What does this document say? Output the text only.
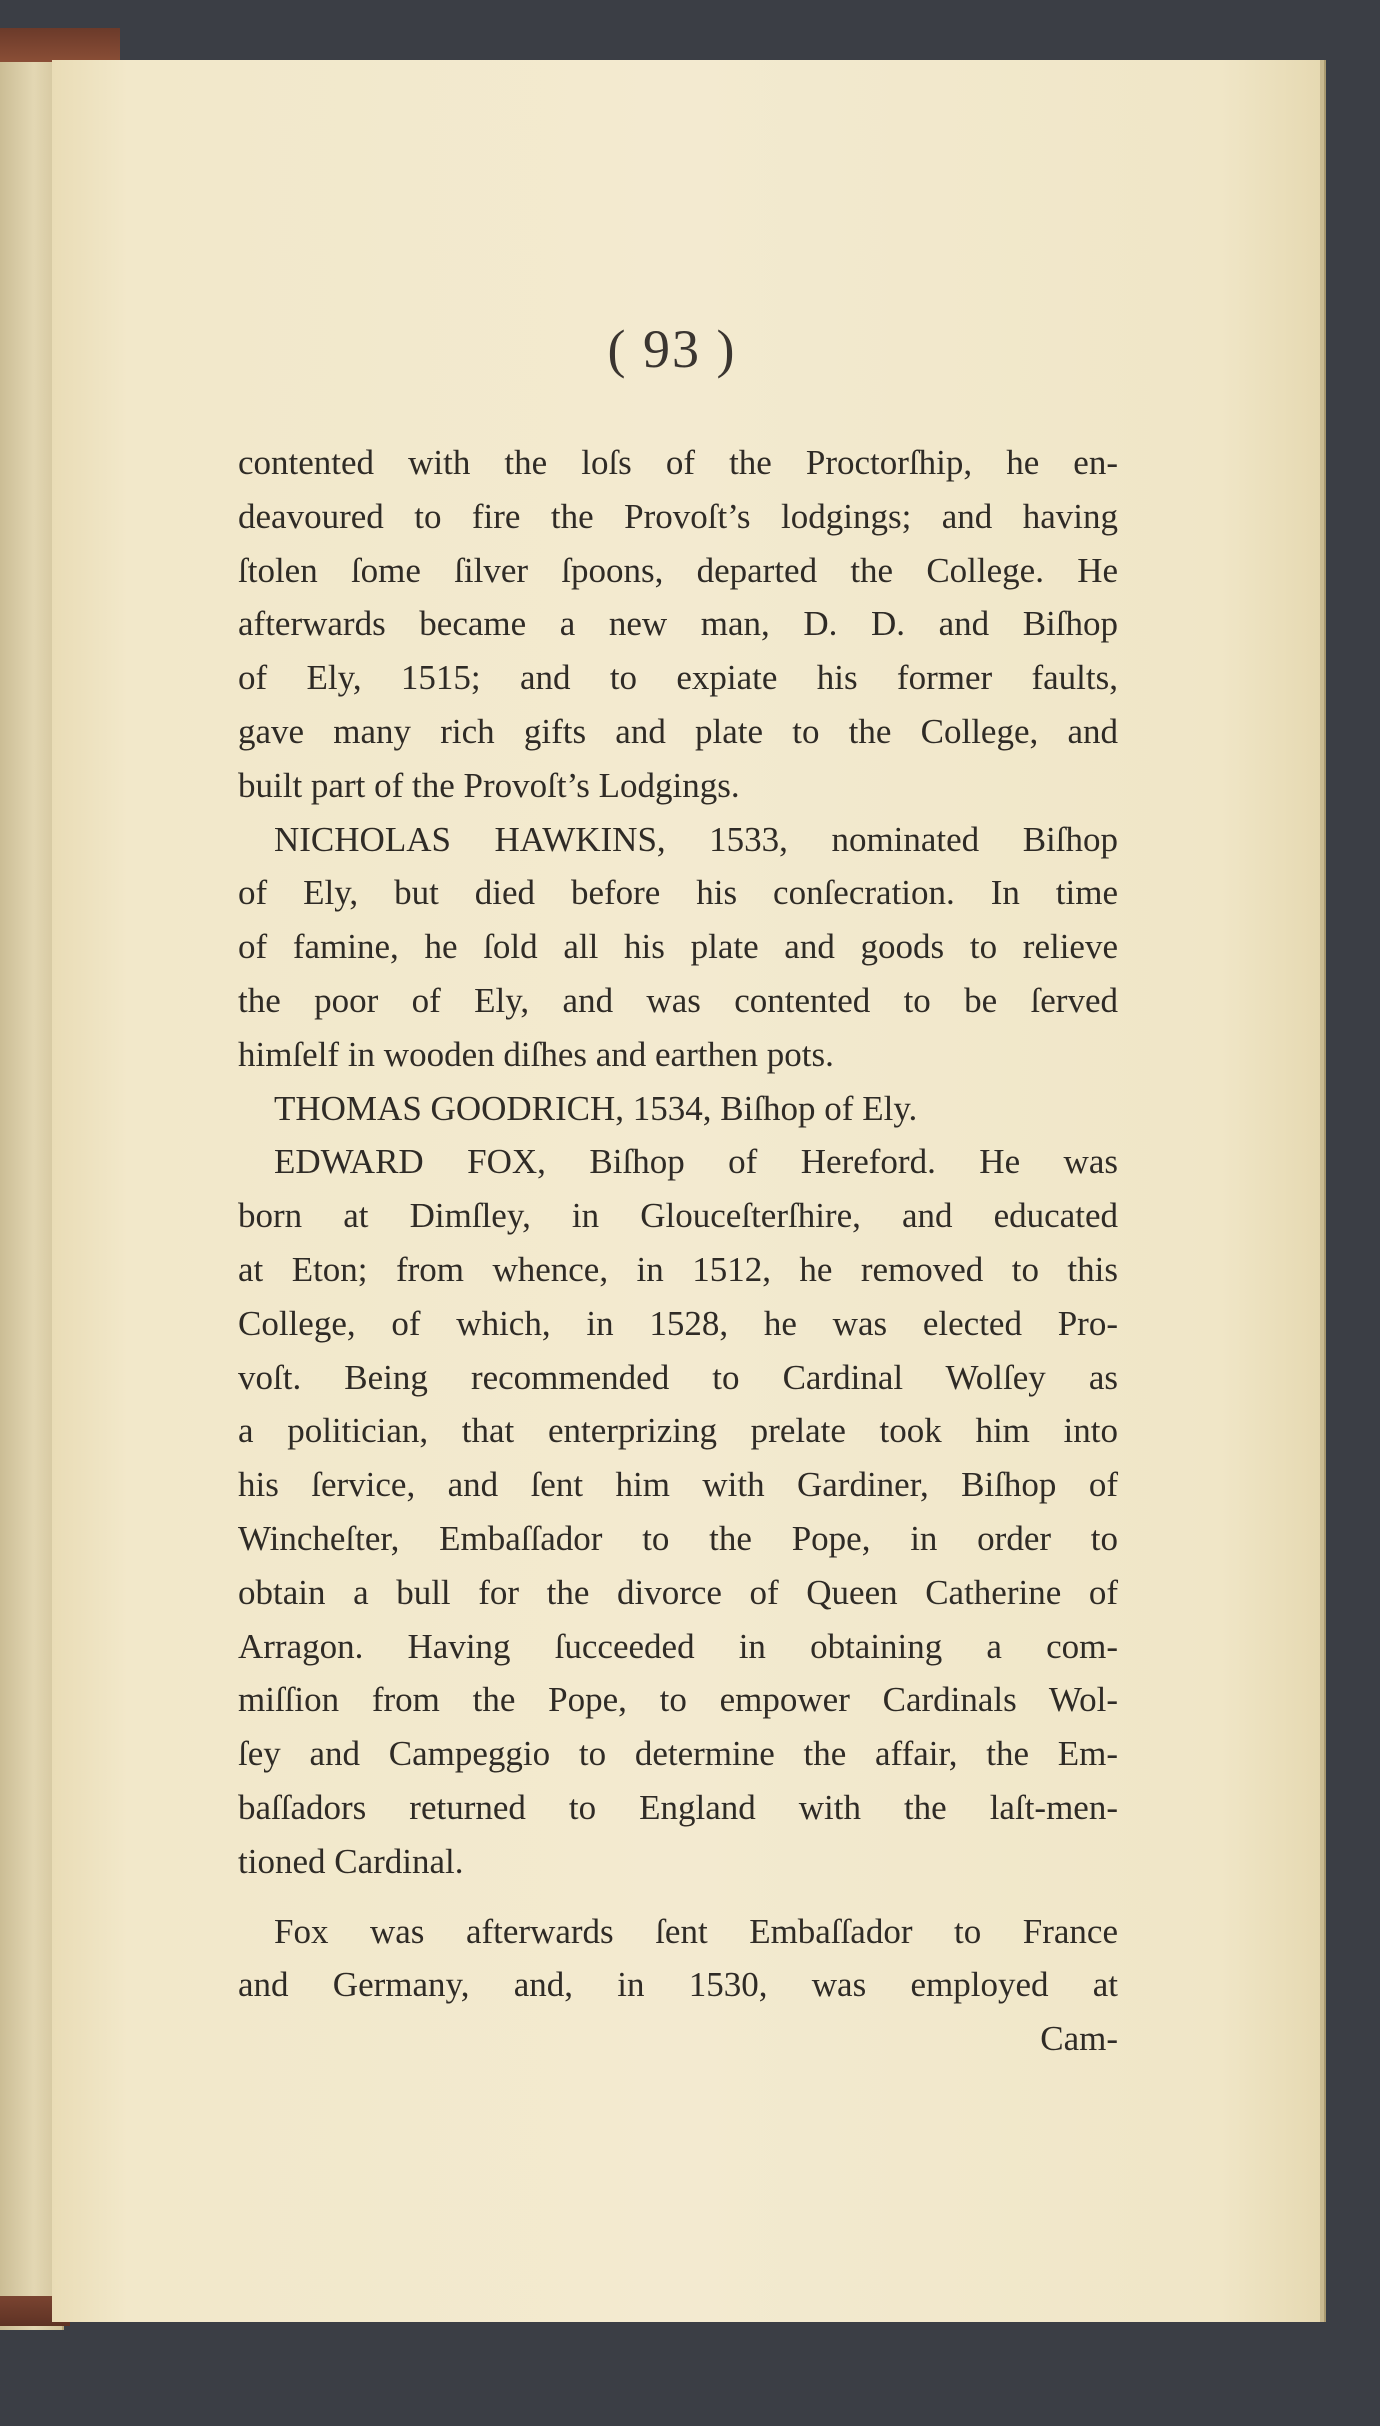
( 93 )
contented with the loſs of the Proctorſhip, he en-
deavoured to fire the Provoſt’s lodgings; and having
ſtolen ſome ſilver ſpoons, departed the College. He
afterwards became a new man, D. D. and Biſhop
of Ely, 1515; and to expiate his former faults,
gave many rich gifts and plate to the College, and
built part of the Provoſt’s Lodgings.
NICHOLAS HAWKINS, 1533, nominated Biſhop
of Ely, but died before his conſecration. In time
of famine, he ſold all his plate and goods to relieve
the poor of Ely, and was contented to be ſerved
himſelf in wooden diſhes and earthen pots.
THOMAS GOODRICH, 1534, Biſhop of Ely.
EDWARD FOX, Biſhop of Hereford. He was
born at Dimſley, in Glouceſterſhire, and educated
at Eton; from whence, in 1512, he removed to this
College, of which, in 1528, he was elected Pro-
voſt. Being recommended to Cardinal Wolſey as
a politician, that enterprizing prelate took him into
his ſervice, and ſent him with Gardiner, Biſhop of
Wincheſter, Embaſſador to the Pope, in order to
obtain a bull for the divorce of Queen Catherine of
Arragon. Having ſucceeded in obtaining a com-
miſſion from the Pope, to empower Cardinals Wol-
ſey and Campeggio to determine the affair, the Em-
baſſadors returned to England with the laſt-men-
tioned Cardinal.
Fox was afterwards ſent Embaſſador to France
and Germany, and, in 1530, was employed at
Cam-
